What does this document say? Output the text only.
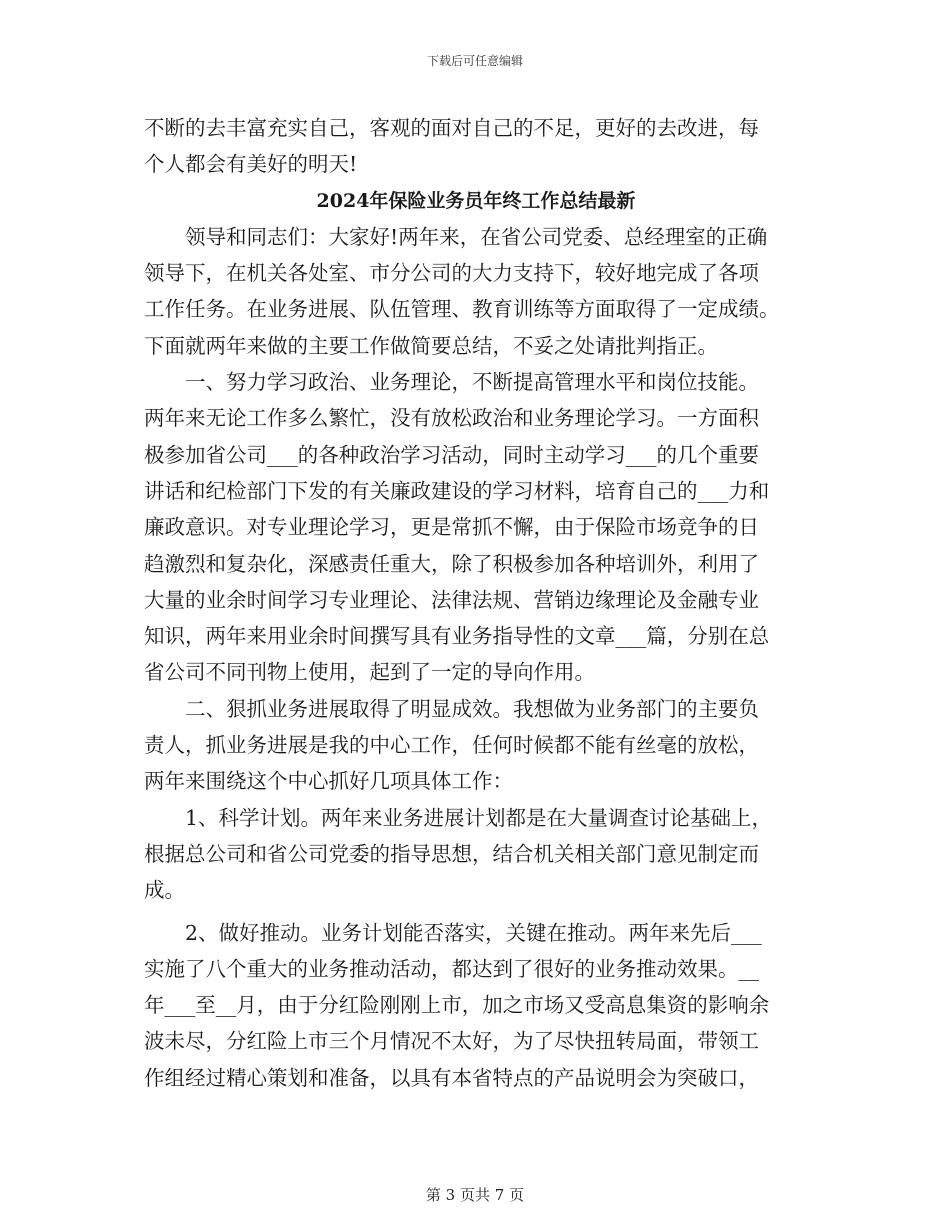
下载后可任意编辑

不断的去丰富充实自己，客观的面对自己的不足，更好的去改进，每
个人都会有美好的明天!

2024年保险业务员年终工作总结最新

领导和同志们：大家好!两年来，在省公司党委、总经理室的正确
领导下，在机关各处室、市分公司的大力支持下，较好地完成了各项
工作任务。在业务进展、队伍管理、教育训练等方面取得了一定成绩。
下面就两年来做的主要工作做简要总结，不妥之处请批判指正。

一、努力学习政治、业务理论，不断提高管理水平和岗位技能。
两年来无论工作多么繁忙，没有放松政治和业务理论学习。一方面积
极参加省公司___的各种政治学习活动，同时主动学习___的几个重要
讲话和纪检部门下发的有关廉政建设的学习材料，培育自己的___力和
廉政意识。对专业理论学习，更是常抓不懈，由于保险市场竞争的日
趋激烈和复杂化，深感责任重大，除了积极参加各种培训外，利用了
大量的业余时间学习专业理论、法律法规、营销边缘理论及金融专业
知识，两年来用业余时间撰写具有业务指导性的文章___篇，分别在总
省公司不同刊物上使用，起到了一定的导向作用。

二、狠抓业务进展取得了明显成效。我想做为业务部门的主要负
责人，抓业务进展是我的中心工作，任何时候都不能有丝毫的放松，
两年来围绕这个中心抓好几项具体工作：

1、科学计划。两年来业务进展计划都是在大量调查讨论基础上，
根据总公司和省公司党委的指导思想，结合机关相关部门意见制定而
成。

2、做好推动。业务计划能否落实，关键在推动。两年来先后___
实施了八个重大的业务推动活动，都达到了很好的业务推动效果。__
年___至__月，由于分红险刚刚上市，加之市场又受高息集资的影响余
波未尽，分红险上市三个月情况不太好，为了尽快扭转局面，带领工
作组经过精心策划和准备，以具有本省特点的产品说明会为突破口，

第 3 页共 7 页
